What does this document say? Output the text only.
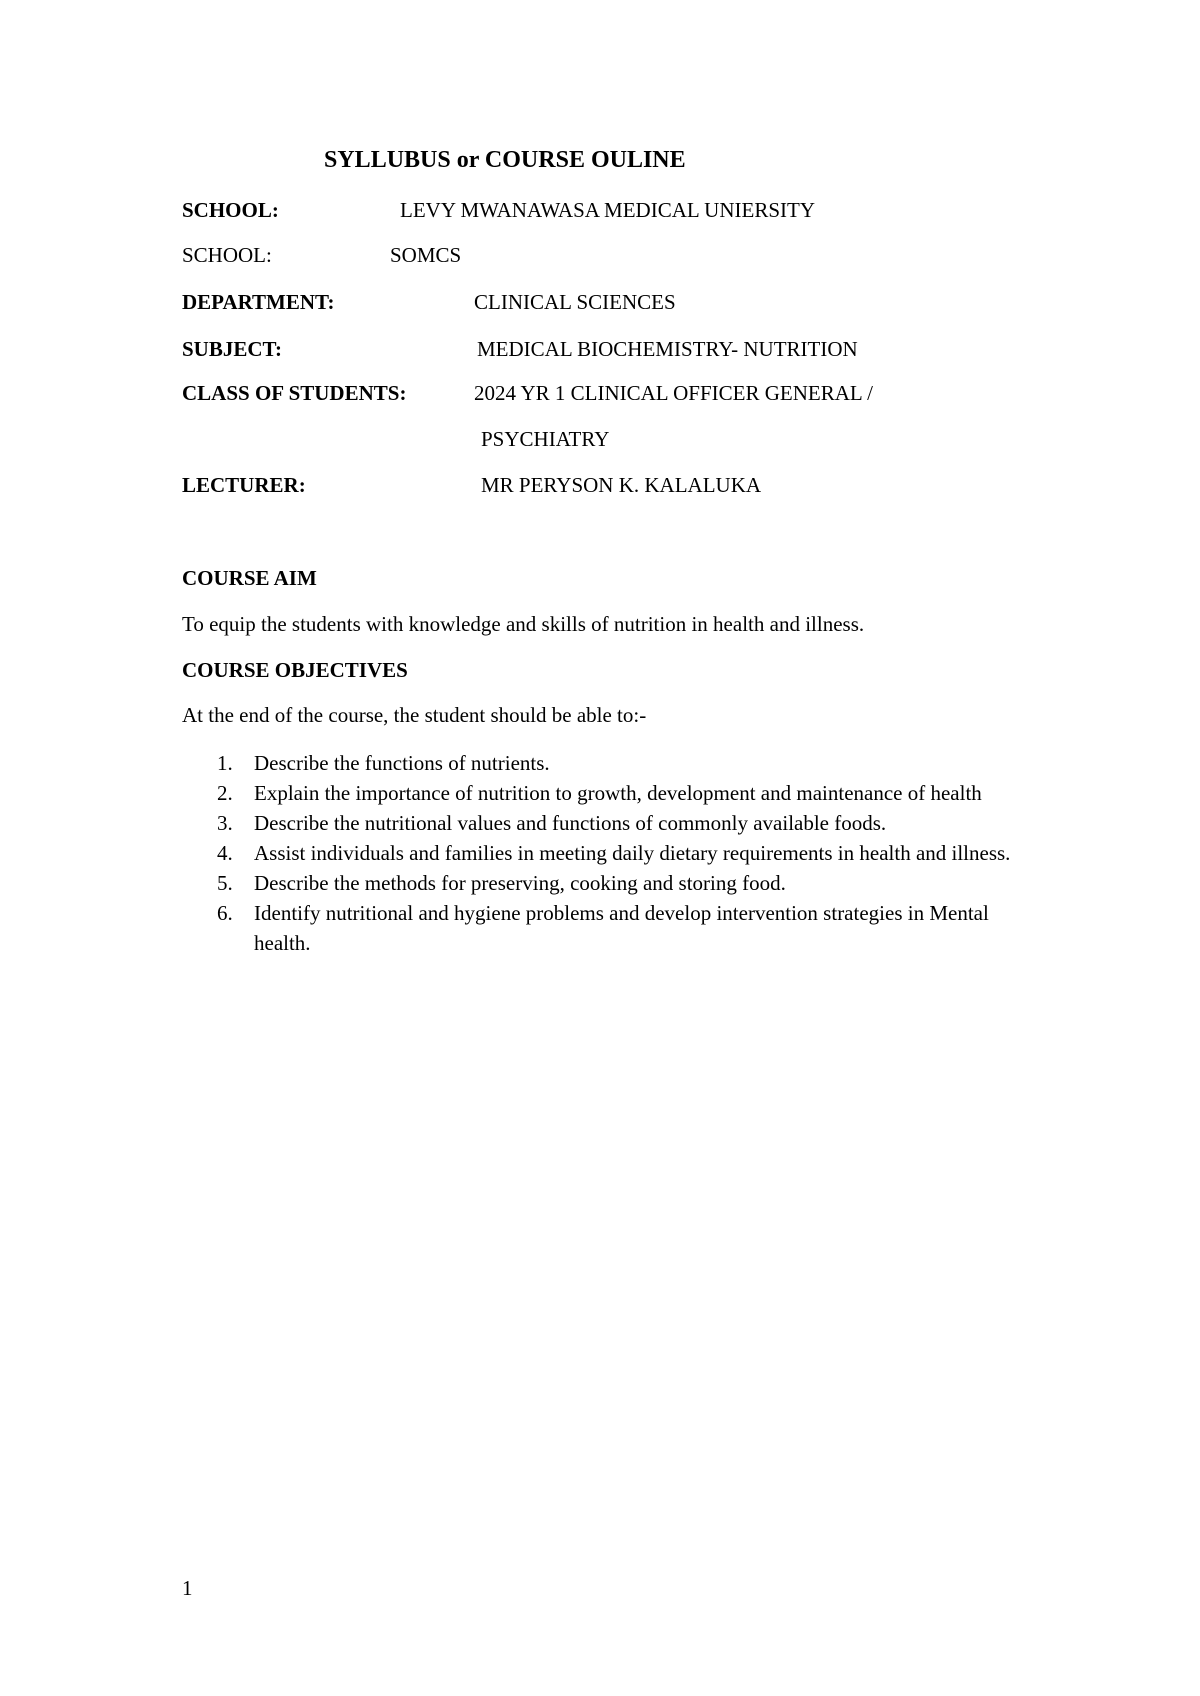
SYLLUBUS or COURSE OULINE
SCHOOL:	LEVY MWANAWASA MEDICAL UNIERSITY
SCHOOL:	SOMCS
DEPARTMENT:	CLINICAL SCIENCES
SUBJECT:	MEDICAL BIOCHEMISTRY- NUTRITION
CLASS OF STUDENTS:	2024 YR 1 CLINICAL OFFICER GENERAL /
PSYCHIATRY
LECTURER:	MR PERYSON K. KALALUKA
COURSE AIM
To equip the students with knowledge and skills of nutrition in health and illness.
COURSE OBJECTIVES
At the end of the course, the student should be able to:-
1. Describe the functions of nutrients.
2. Explain the importance of nutrition to growth, development and maintenance of health
3. Describe the nutritional values and functions of commonly available foods.
4. Assist individuals and families in meeting daily dietary requirements in health and illness.
5. Describe the methods for preserving, cooking and storing food.
6. Identify nutritional and hygiene problems and develop intervention strategies in Mental health.
1
